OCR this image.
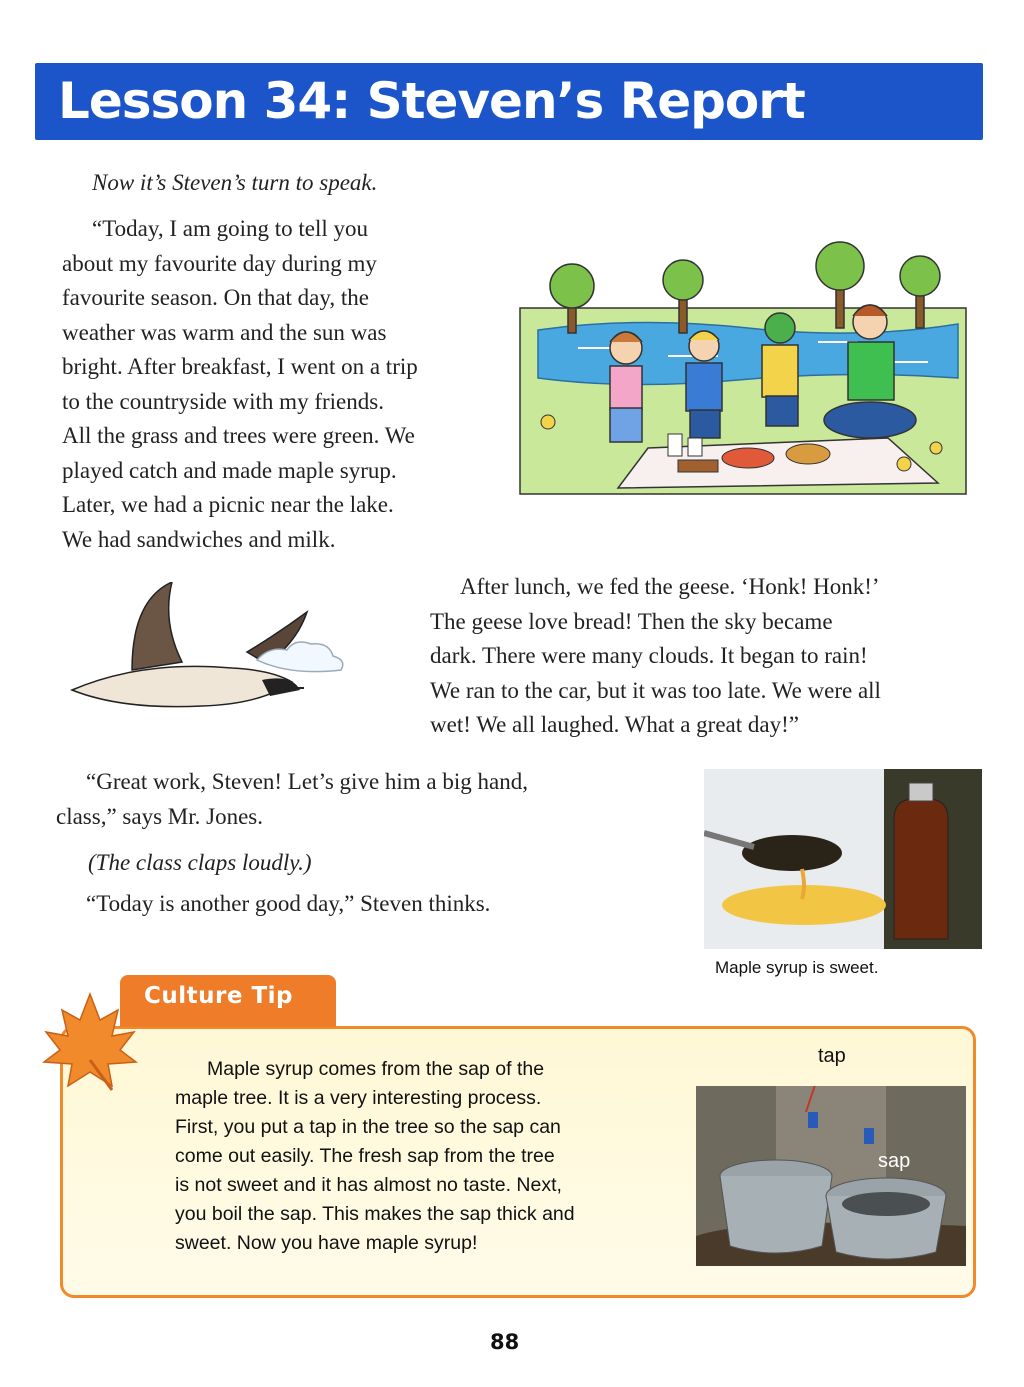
Lesson 34: Steven’s Report
Now it’s Steven’s turn to speak.
“Today, I am going to tell you
about my favourite day during my
favourite season. On that day, the
weather was warm and the sun was
bright. After breakfast, I went on a trip
to the countryside with my friends.
All the grass and trees were green. We
played catch and made maple syrup.
Later, we had a picnic near the lake.
We had sandwiches and milk.
After lunch, we fed the geese. ‘Honk! Honk!’
The geese love bread! Then the sky became
dark. There were many clouds. It began to rain!
We ran to the car, but it was too late. We were all
wet! We all laughed. What a great day!”
“Great work, Steven! Let’s give him a big hand,
class,” says Mr. Jones.
(The class claps loudly.)
“Today is another good day,” Steven thinks.
Maple syrup is sweet.
Culture Tip
Maple syrup comes from the sap of the
maple tree. It is a very interesting process.
First, you put a tap in the tree so the sap can
come out easily. The fresh sap from the tree
is not sweet and it has almost no taste. Next,
you boil the sap. This makes the sap thick and
sweet. Now you have maple syrup!
tap
sap
88
